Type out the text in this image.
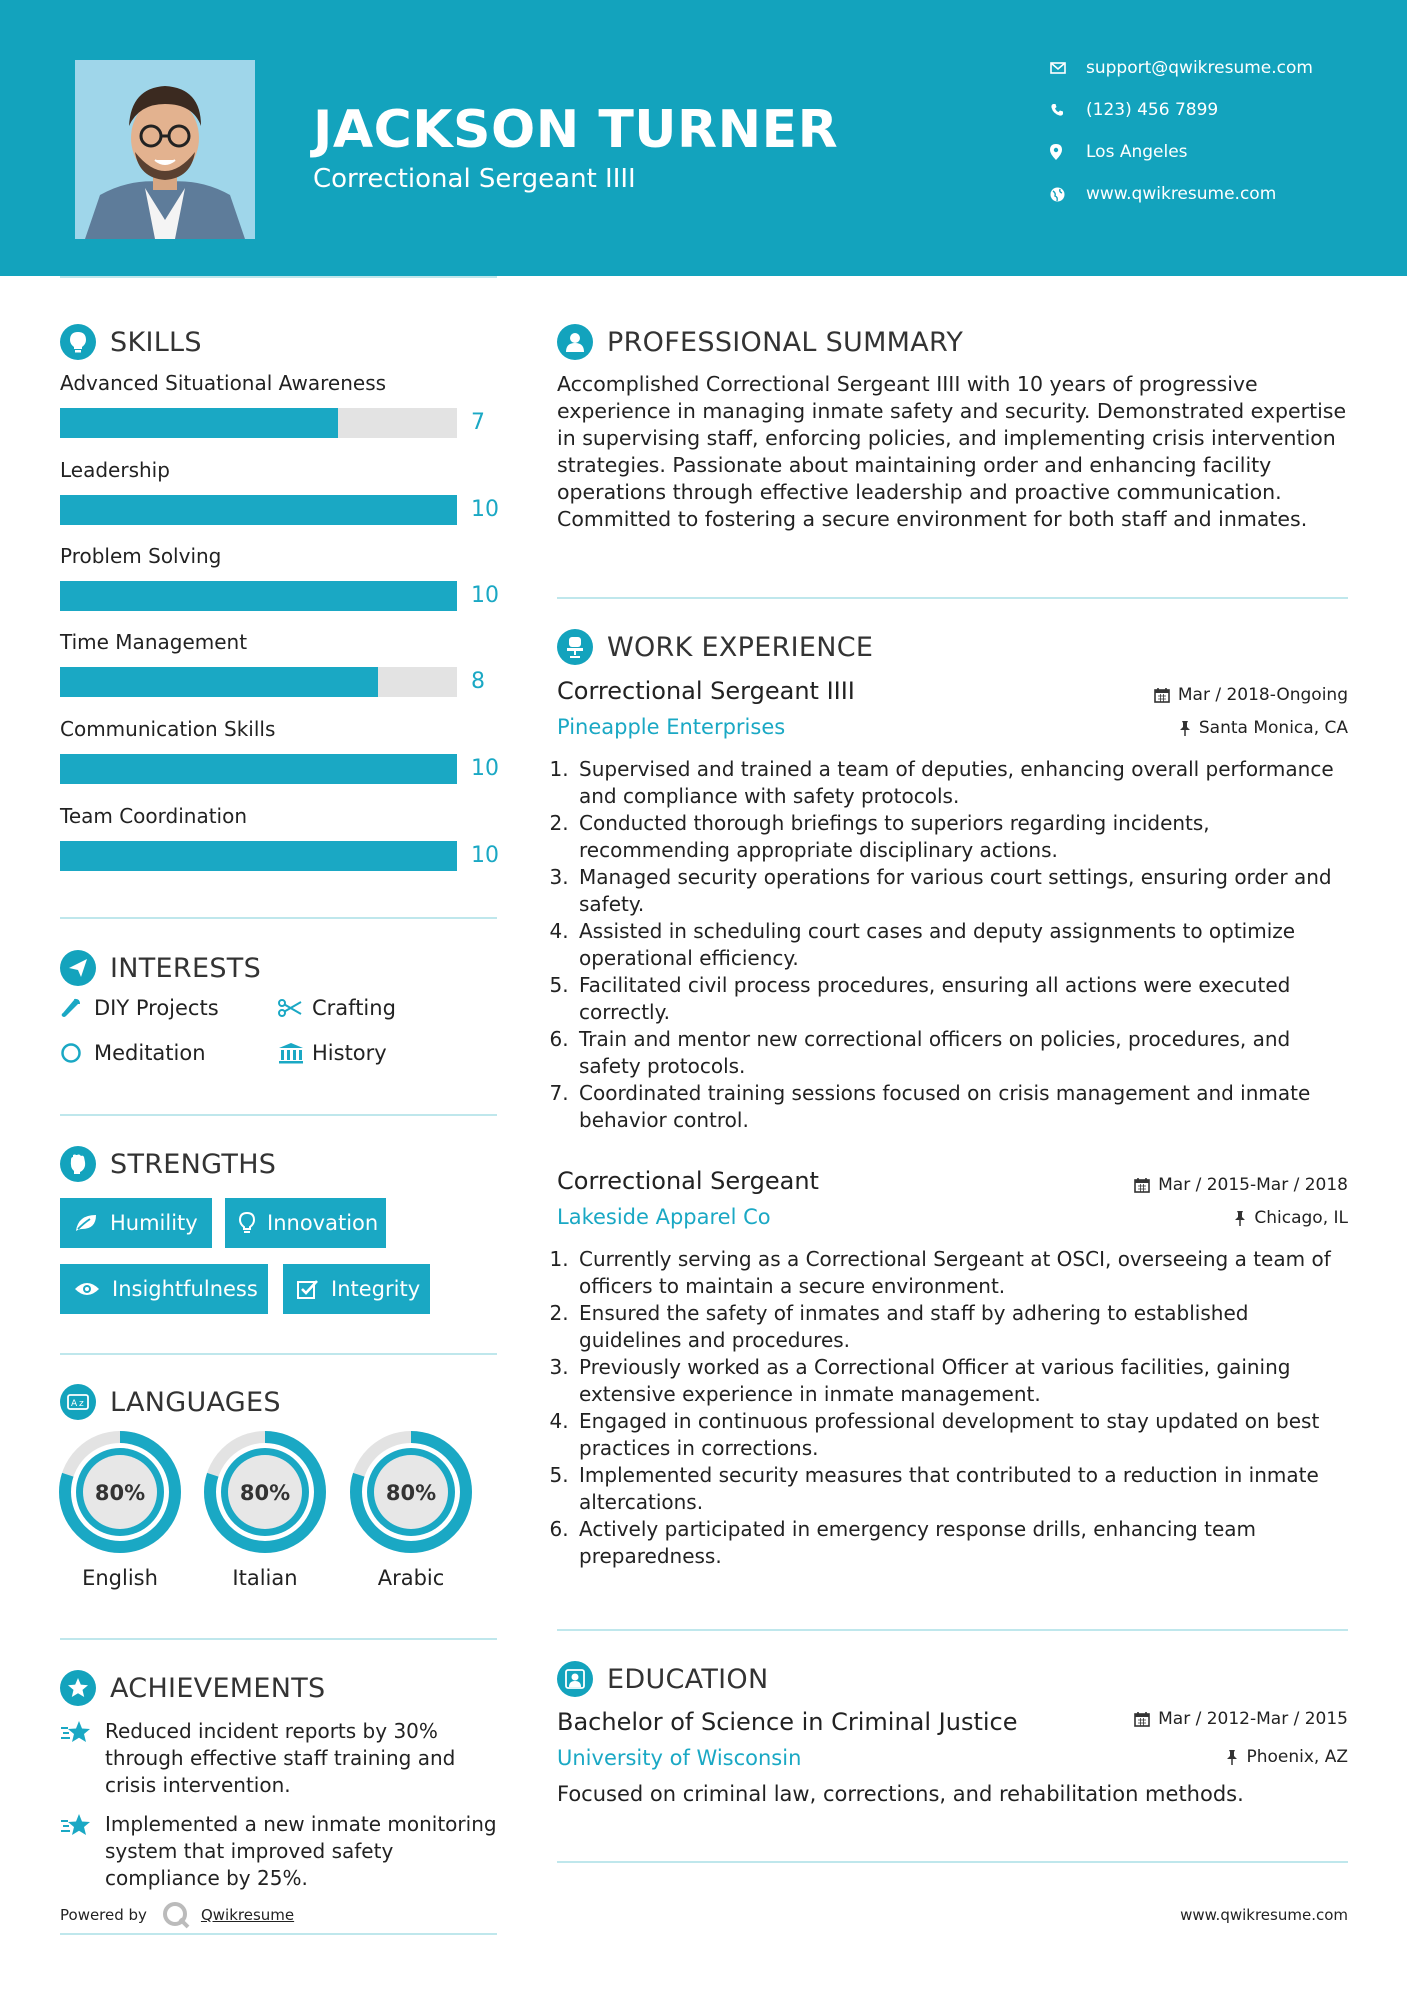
JACKSON TURNER
Correctional Sergeant IIII
support@qwikresume.com
(123) 456 7899
Los Angeles
www.qwikresume.com
SKILLS
Advanced Situational Awareness
7
Leadership
10
Problem Solving
10
Time Management
8
Communication Skills
10
Team Coordination
10
INTERESTS
DIY Projects	Crafting
Meditation	History
STRENGTHS
Humility	Innovation
Insightfulness	Integrity
A z LANGUAGES
80%
English
80%
Italian
80%
Arabic
ACHIEVEMENTS
Reduced incident reports by 30% through effective staff training and crisis intervention.
Implemented a new inmate monitoring system that improved safety compliance by 25%.
Powered by	Qwikresume
PROFESSIONAL SUMMARY
Accomplished Correctional Sergeant IIII with 10 years of progressive experience in managing inmate safety and security. Demonstrated expertise in supervising staff, enforcing policies, and implementing crisis intervention strategies. Passionate about maintaining order and enhancing facility operations through effective leadership and proactive communication. Committed to fostering a secure environment for both staff and inmates.
WORK EXPERIENCE
Correctional Sergeant IIII	Mar / 2018-Ongoing
Pineapple Enterprises	Santa Monica, CA
1. Supervised and trained a team of deputies, enhancing overall performance and compliance with safety protocols.
2. Conducted thorough briefings to superiors regarding incidents, recommending appropriate disciplinary actions.
3. Managed security operations for various court settings, ensuring order and safety.
4. Assisted in scheduling court cases and deputy assignments to optimize operational efficiency.
5. Facilitated civil process procedures, ensuring all actions were executed correctly.
6. Train and mentor new correctional officers on policies, procedures, and safety protocols.
7. Coordinated training sessions focused on crisis management and inmate behavior control.
Correctional Sergeant	Mar / 2015-Mar / 2018
Lakeside Apparel Co	Chicago, IL
1. Currently serving as a Correctional Sergeant at OSCI, overseeing a team of officers to maintain a secure environment.
2. Ensured the safety of inmates and staff by adhering to established guidelines and procedures.
3. Previously worked as a Correctional Officer at various facilities, gaining extensive experience in inmate management.
4. Engaged in continuous professional development to stay updated on best practices in corrections.
5. Implemented security measures that contributed to a reduction in inmate altercations.
6. Actively participated in emergency response drills, enhancing team preparedness.
EDUCATION
Bachelor of Science in Criminal Justice	Mar / 2012-Mar / 2015
University of Wisconsin	Phoenix, AZ
Focused on criminal law, corrections, and rehabilitation methods.
www.qwikresume.com
